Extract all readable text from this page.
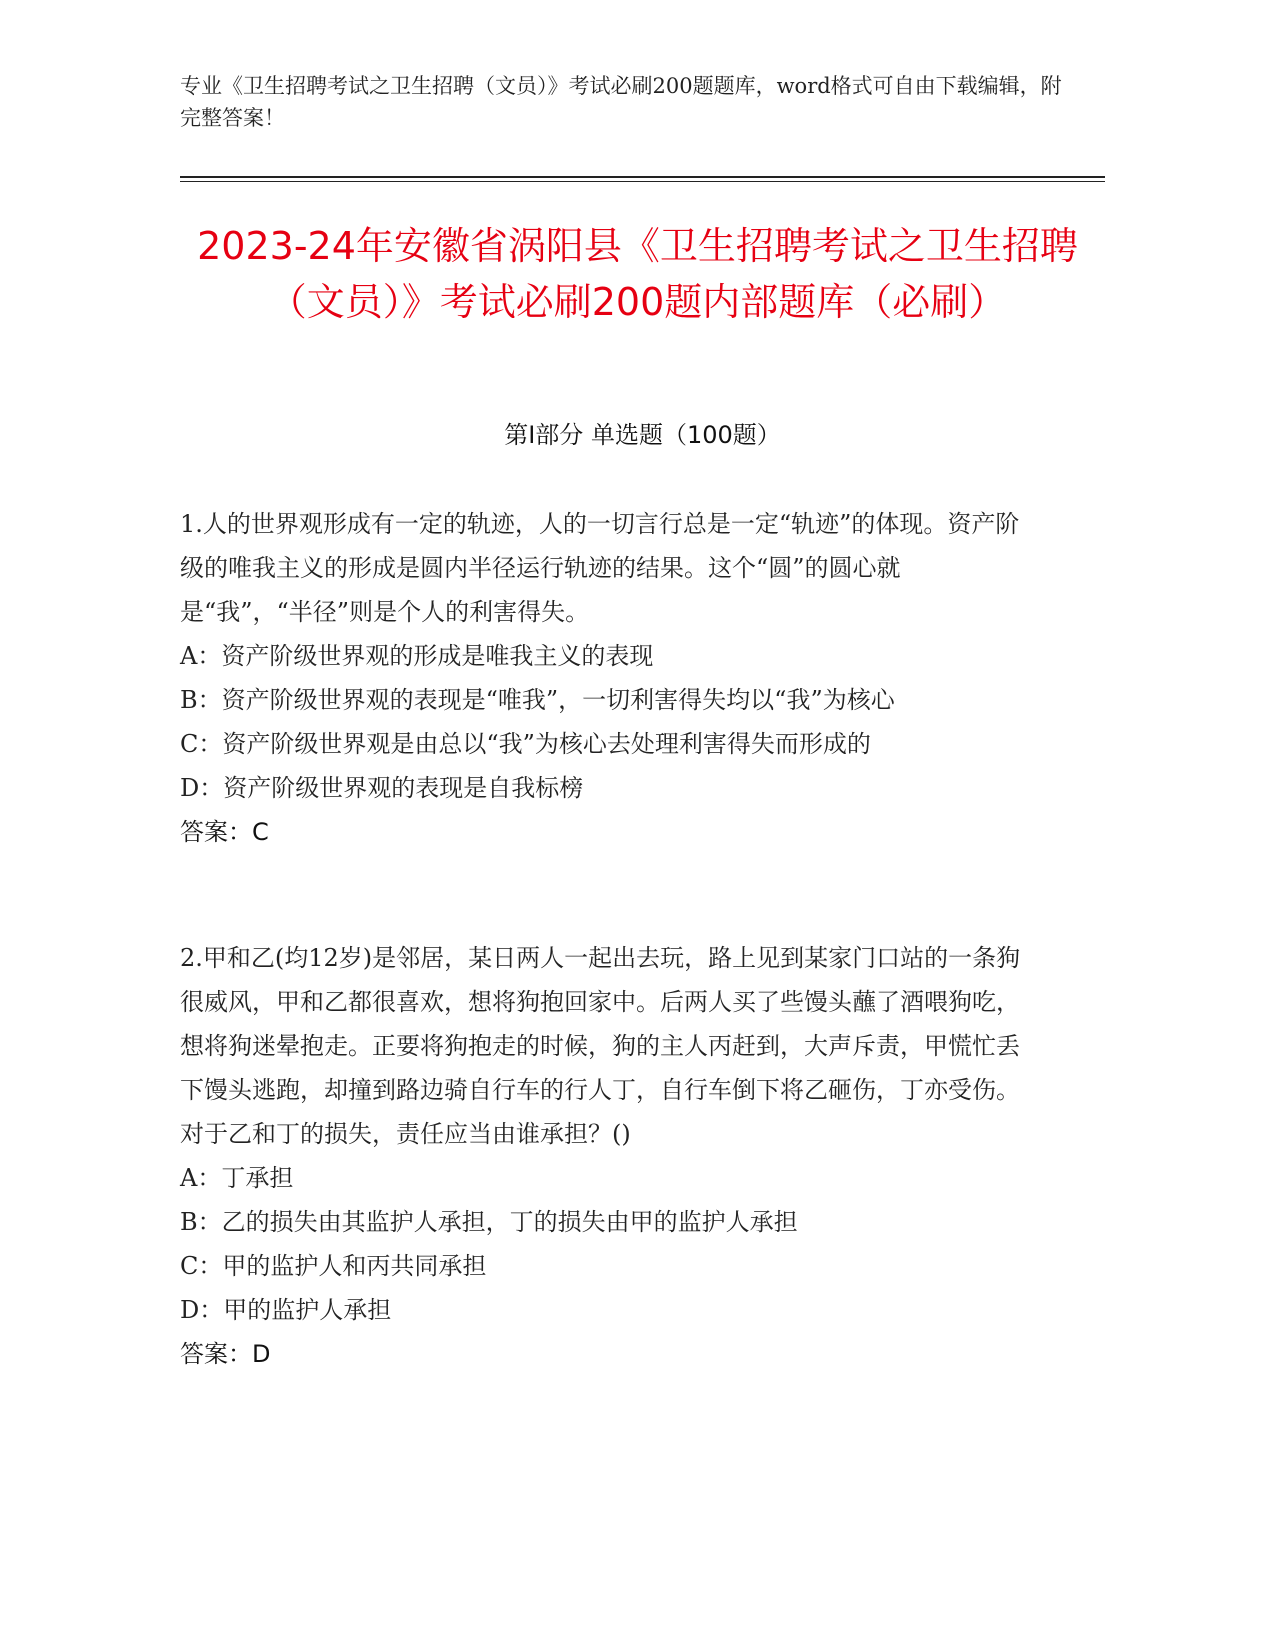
专业《卫生招聘考试之卫生招聘（文员）》考试必刷200题题库，word格式可自由下载编辑，附完整答案！
2023-24年安徽省涡阳县《卫生招聘考试之卫生招聘（文员）》考试必刷200题内部题库（必刷）
第I部分 单选题（100题）

1.人的世界观形成有一定的轨迹，人的一切言行总是一定“轨迹”的体现。资产阶级的唯我主义的形成是圆内半径运行轨迹的结果。这个“圆”的圆心就是“我”，“半径”则是个人的利害得失。

A：资产阶级世界观的形成是唯我主义的表现

B：资产阶级世界观的表现是“唯我”，一切利害得失均以“我”为核心

C：资产阶级世界观是由总以“我”为核心去处理利害得失而形成的

D：资产阶级世界观的表现是自我标榜

答案：C

2.甲和乙(均12岁)是邻居，某日两人一起出去玩，路上见到某家门口站的一条狗很威风，甲和乙都很喜欢，想将狗抱回家中。后两人买了些馒头蘸了酒喂狗吃，想将狗迷晕抱走。正要将狗抱走的时候，狗的主人丙赶到，大声斥责，甲慌忙丢下馒头逃跑，却撞到路边骑自行车的行人丁，自行车倒下将乙砸伤，丁亦受伤。对于乙和丁的损失，责任应当由谁承担？()

A：丁承担

B：乙的损失由其监护人承担，丁的损失由甲的监护人承担

C：甲的监护人和丙共同承担

D：甲的监护人承担

答案：D
